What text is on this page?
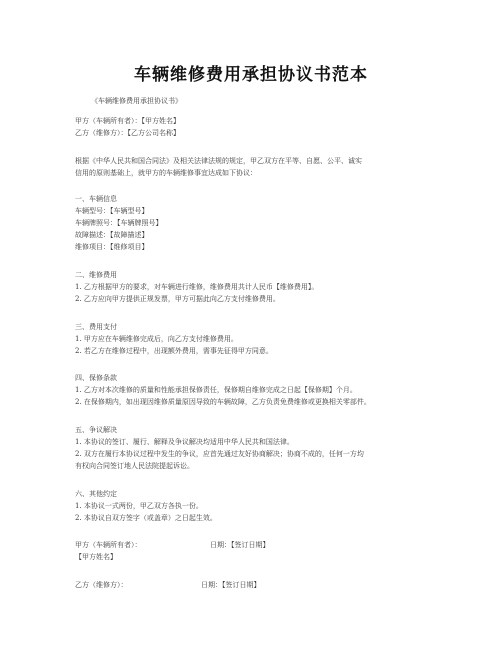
车辆维修费用承担协议书范本
《车辆维修费用承担协议书》
甲方（车辆所有者）：【甲方姓名】
乙方（维修方）：【乙方公司名称】
根据《中华人民共和国合同法》及相关法律法规的规定，甲乙双方在平等、自愿、公平、诚实
信用的原则基础上，就甲方的车辆维修事宜达成如下协议：
一、车辆信息
车辆型号：【车辆型号】
车辆牌照号：【车辆牌照号】
故障描述：【故障描述】
维修项目：【维修项目】
二、维修费用
1. 乙方根据甲方的要求，对车辆进行维修，维修费用共计人民币【维修费用】。
2. 乙方应向甲方提供正规发票，甲方可据此向乙方支付维修费用。
三、费用支付
1. 甲方应在车辆维修完成后，向乙方支付维修费用。
2. 若乙方在维修过程中，出现额外费用，需事先征得甲方同意。
四、保修条款
1. 乙方对本次维修的质量和性能承担保修责任，保修期自维修完成之日起【保修期】个月。
2. 在保修期内，如出现因维修质量原因导致的车辆故障，乙方负责免费维修或更换相关零部件。
五、争议解决
1. 本协议的签订、履行、解释及争议解决均适用中华人民共和国法律。
2. 双方在履行本协议过程中发生的争议，应首先通过友好协商解决；协商不成的，任何一方均
有权向合同签订地人民法院提起诉讼。
六、其他约定
1. 本协议一式两份，甲乙双方各执一份。
2. 本协议自双方签字（或盖章）之日起生效。
甲方（车辆所有者）：	日期：【签订日期】
【甲方姓名】
乙方（维修方）：	日期：【签订日期】
